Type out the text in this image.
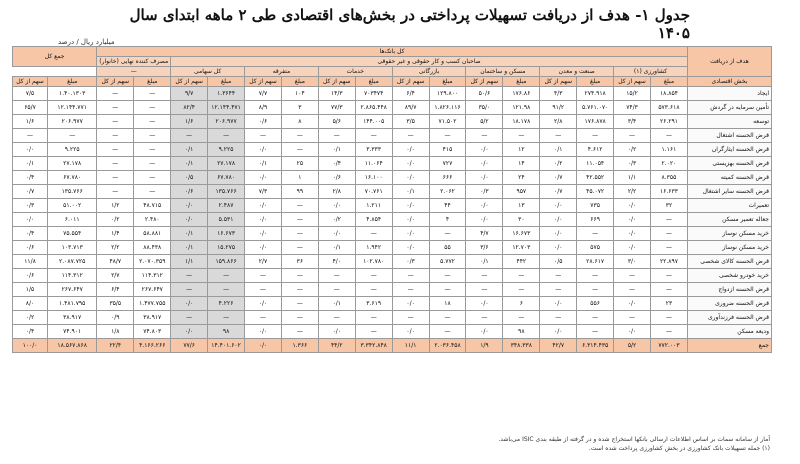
جدول ۱- هدف از دریافت تسهیلات پرداختی در بخش‌های اقتصادی طی ۲ ماهه ابتدای سال ۱۴۰۵
میلیارد ریال / درصد
هدف از دریافت	کل بانک‌ها																جمع کل	
	صاحبان کسب و کار حقوقی و غیر حقوقی														مصرف کننده نهایی (خانوار)			
	کشاورزی (۱)		صنعت و معدن		مسکن و ساختمان		بازرگانی		خدمات		متفرقه		کل سهامی		—			
بخش اقتصادی	مبلغ	سهم از کل	مبلغ	سهم از کل	مبلغ	سهم از کل	مبلغ	سهم از کل	مبلغ	سهم از کل	مبلغ	سهم از کل	مبلغ	سهم از کل	مبلغ	سهم از کل	مبلغ	سهم از کل
ایجاد	۱۸.۸۵۴	۱۵/۲	۲۷۴.۹۱۸	۴/۳	۱۷۶.۸۶	۵۰/۶	۱۲۹.۸۰۰	۶/۴	۷۰۳۴۷۴	۱۴/۳	۱۰۴	۷/۷	۱.۳۶۴۴	۹/۷	—	—	۱.۴۰.۱۳۰۳	۷/۵
تأمین سرمایه در گردش	۵۷۳.۶۱۸	۷۴/۳	۵.۷۶۱.۰۷۰	۹۱/۲	۱۲۱.۹۸	۳۵/۰	۱.۸۲۶.۱۱۶	۸۹/۷	۲.۸۶۵.۴۴۸	۷۷/۳	۳	۸/۹	۱۲.۱۴۴.۴۷۱	۸۲/۴	—	—	۱۲.۱۴۴.۷۷۱	۶۵/۷
توسعه	۲۶.۲۹۱	۳/۴	۱۷۶.۸۷۸	۲/۸	۱۸.۱۷۸	۵/۲	۷۱.۵۰۲	۳/۵	۱۴۴.۰۰۵	۵/۶	۸	۰/۶	۲۰۶.۹۷۷	۱/۶	—	—	۲۰۶.۹۷۷	۱/۶
قرض الحسنه اشتغال	—	—	—	—	—	—	—	—	—	—	—	—	—	—	—	—	—	—
قرض الحسنه ایثارگران	۱.۱۶۱	۰/۲	۴.۶۱۲	۰/۱	۱۲	۰/۰	۴۱۵	۰/۰	۳.۳۳۳	۰/۱	—	۰/۰	۹.۲۲۵	۰/۱	—	—	۹.۲۲۵	۰/۰
قرض الحسنه بهزیستی	۲.۰۲۰	۰/۳	۱۱.۰۵۴	۰/۲	۱۴	۰/۰	۷۲۷	۰/۰	۱۱.۰۶۴	۰/۴	۲۵	۰/۱	۲۷.۱۷۸	۰/۱	—	—	۲۷.۱۷۸	۰/۱
قرض الحسنه کمیته	۸.۳۵۵	۱/۱	۴۲.۵۵۲	۰/۷	۲۴	۰/۰	۶۶۶	۰/۰	۱۶.۱۰۰	۰/۶	۱	۰/۰	۶۷.۷۸۰	۰/۵	—	—	۶۷.۷۸۰	۰/۴
قرض الحسنه سایر اشتغال	۱۶.۶۳۳	۲/۲	۴۵.۰۷۲	۰/۷	۹۵۷	۰/۳	۲.۰۶۲	۰/۱	۷۰.۷۶۱	۲/۸	۹۹	۷/۳	۱۳۵.۷۶۶	۰/۶	—	—	۱۳۵.۷۶۶	۰/۷
تعمیرات	۳۲	۰/۰	۷۳۵	۰/۰	۱۳	۰/۰	۴۴	۰/۰	۱.۲۱۱	۰/۰	—	۰/۰	۲.۴۸۷	۰/۰	۴۸.۷۱۵	۱/۲	۵۱.۰۰۲	۰/۳
جعاله تعمیر مسکن	—	۰/۰	۶۶۹	۰/۰	۳۰	۰/۰	۴	۰/۰	۴.۸۵۴	۰/۲	—	۰/۰	۵.۵۳۱	۰/۰	۲.۴۸۰	۰/۲	۶.۰۱۱	۰/۰
خرید مسکن نوساز	—	۰/۰	—	۰/۰	۱۶.۶۷۳	۴/۷	—	۰/۰	—	۰/۰	—	۰/۰	۱۶.۶۷۳	۰/۱	۵۸.۸۸۱	۱/۴	۷۵.۵۵۴	۰/۴
خرید مسکن نوساز	—	۰/۰	۵۷۵	۰/۰	۱۲.۷۰۳	۳/۶	۵۵	۰/۰	۱.۹۴۲	۰/۱	—	۰/۰	۱۵.۲۷۵	۰/۱	۸۸.۴۳۸	۲/۲	۱۰۳.۷۱۳	۰/۶
قرض الحسنه کالای شخصی	۲۲.۸۹۷	۳/۰	۲۸.۶۱۷	۰/۵	۴۴۲	۰/۱	۵.۷۷۲	۰/۳	۱۰۲.۷۸۰	۴/۰	۳۶	۲/۷	۱۵۹.۸۶۶	۱/۱	۲.۰۷۰.۳۵۹	۴۸/۷	۲.۰۸۷.۷۲۵	۱۱/۸
خرید خودرو شخصی	—	—	—	—	—	—	—	—	—	—	—	—	—	—	۱۱۴.۳۱۲	۲/۷	۱۱۴.۳۱۲	۰/۶
قرض الحسنه ازدواج	—	—	—	—	—	—	—	—	—	—	—	—	—	—	۲۶۷.۶۴۷	۶/۴	۲۶۷.۶۴۷	۱/۵
قرض الحسنه ضروری	۲۳	۰/۰	۵۵۶	۰/۰	۶	۰/۰	۱۸	۰/۰	۳.۶۱۹	۰/۱	—	۰/۰	۴.۲۲۶	۰/۰	۱.۴۷۷.۷۵۵	۳۵/۵	۱.۴۸۱.۷۹۵	۸/۰
قرض الحسنه فرزندآوری	—	—	—	—	—	—	—	—	—	—	—	—	—	—	۳۸.۹۱۷	۰/۹	۳۸.۹۱۷	۰/۲
ودیعه مسکن	—	۰/۰	—	۰/۰	۹۸	۰/۰	—	۰/۰	—	۰/۰	—	۰/۰	۹۸	۰/۰	۷۴.۸۰۳	۱/۸	۷۴.۹۰۱	۰/۴
جمع	۷۷۲.۰۰۳	۵/۲	۶.۳۱۴.۴۳۵	۴۲/۷	۳۴۸.۳۳۸	۱/۹	۲.۰۳۶.۴۵۸	۱۱/۱	۳.۳۴۲.۸۴۸	۴۴/۲	۱.۳۶۶	۰/۰	۱۴.۴۰۱.۶۰۲	۷۷/۶	۴.۱۶۶.۲۶۶	۲۲/۴	۱۸.۵۶۷.۸۶۸	۱۰۰/۰
آمار از سامانه سمات بر اساس اطلاعات ارسالی بانکها استخراج شده و در گرفته از طبقه بندی ISIC می‌باشد.
(۱) جمله تسهیلات بانک کشاورزی در بخش کشاورزی پرداخت شده است.
